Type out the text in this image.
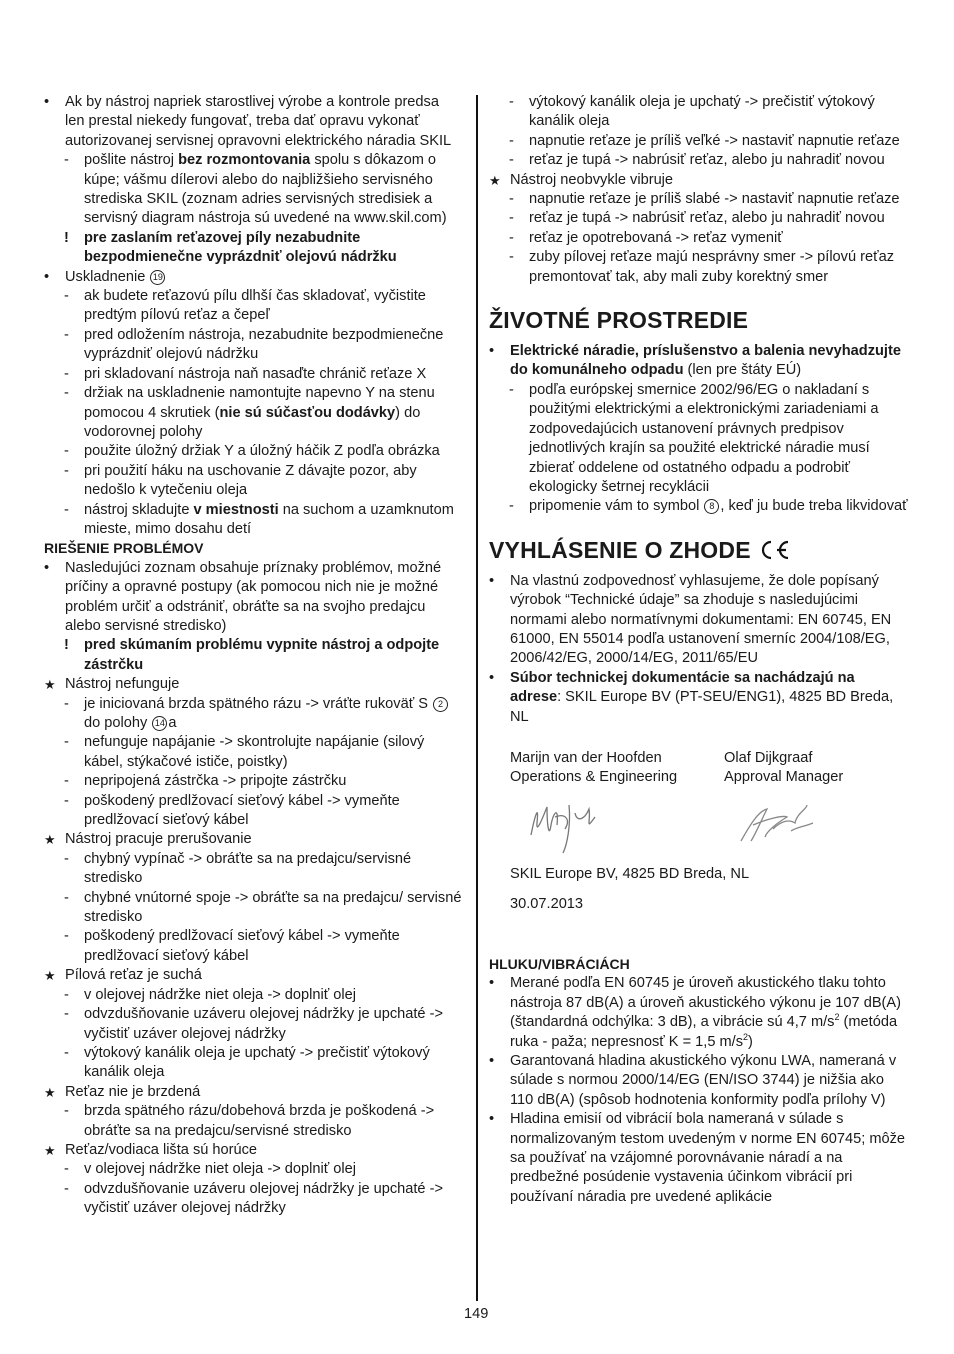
• Ak by nástroj napriek starostlivej výrobe a kontrole predsa len prestal niekedy fungovať, treba dať opravu vykonať autorizovanej servisnej opravovni elektrického náradia SKIL
- pošlite nástroj bez rozmontovania spolu s dôkazom o kúpe; vášmu dílerovi alebo do najbližšieho servisného strediska SKIL (zoznam adries servisných stredisiek a servisný diagram nástroja sú uvedené na www.skil.com)
! pre zaslaním reťazovej píly nezabudnite bezpodmienečne vyprázdniť olejovú nádržku
• Uskladnenie 19
- ak budete reťazovú pílu dlhší čas skladovať, vyčistite predtým pílovú reťaz a čepeľ
- pred odložením nástroja, nezabudnite bezpodmienečne vyprázdniť olejovú nádržku
- pri skladovaní nástroja naň nasaďte chránič reťaze X
- držiak na uskladnenie namontujte napevno Y na stenu pomocou 4 skrutiek (nie sú súčasťou dodávky) do vodorovnej polohy
- použite úložný držiak Y a úložný háčik Z podľa obrázka
- pri použití háku na uschovanie Z dávajte pozor, aby nedošlo k vytečeniu oleja
- nástroj skladujte v miestnosti na suchom a uzamknutom mieste, mimo dosahu detí
RIEŠENIE PROBLÉMOV
• Nasledujúci zoznam obsahuje príznaky problémov, možné príčiny a opravné postupy (ak pomocou nich nie je možné problém určiť a odstrániť, obráťte sa na svojho predajcu alebo servisné stredisko)
! pred skúmaním problému vypnite nástroj a odpojte zástrčku
★ Nástroj nefunguje
- je iniciovaná brzda spätného rázu -> vráťte rukoväť S 2 do polohy 14 a
- nefunguje napájanie -> skontrolujte napájanie (silový kábel, stýkačové ističe, poistky)
- nepripojená zástrčka -> pripojte zástrčku
- poškodený predlžovací sieťový kábel -> vymeňte predlžovací sieťový kábel
★ Nástroj pracuje prerušovanie
- chybný vypínač -> obráťte sa na predajcu/servisné stredisko
- chybné vnútorné spoje -> obráťte sa na predajcu/ servisné stredisko
- poškodený predlžovací sieťový kábel -> vymeňte predlžovací sieťový kábel
★ Pílová reťaz je suchá
- v olejovej nádržke niet oleja -> doplniť olej
- odvzdušňovanie uzáveru olejovej nádržky je upchaté -> vyčistiť uzáver olejovej nádržky
- výtokový kanálik oleja je upchatý -> prečistiť výtokový kanálik oleja
★ Reťaz nie je brzdená
- brzda spätného rázu/dobehová brzda je poškodená -> obráťte sa na predajcu/servisné stredisko
★ Reťaz/vodiaca lišta sú horúce
- v olejovej nádržke niet oleja -> doplniť olej
- odvzdušňovanie uzáveru olejovej nádržky je upchaté -> vyčistiť uzáver olejovej nádržky
- výtokový kanálik oleja je upchatý -> prečistiť výtokový kanálik oleja
- napnutie reťaze je príliš veľké -> nastaviť napnutie reťaze
- reťaz je tupá -> nabrúsiť reťaz, alebo ju nahradiť novou
★ Nástroj neobvykle vibruje
- napnutie reťaze je príliš slabé -> nastaviť napnutie reťaze
- reťaz je tupá -> nabrúsiť reťaz, alebo ju nahradiť novou
- reťaz je opotrebovaná -> reťaz vymeniť
- zuby pílovej reťaze majú nesprávny smer -> pílovú reťaz premontovať tak, aby mali zuby korektný smer
ŽIVOTNÉ PROSTREDIE
• Elektrické náradie, príslušenstvo a balenia nevyhadzujte do komunálneho odpadu (len pre štáty EÚ)
- podľa európskej smernice 2002/96/EG o nakladaní s použitými elektrickými a elektronickými zariadeniami a zodpovedajúcich ustanovení právnych predpisov jednotlivých krajín sa použité elektrické náradie musí zbierať oddelene od ostatného odpadu a podrobiť ekologicky šetrnej recyklácii
- pripomenie vám to symbol 8 , keď ju bude treba likvidovať
VYHLÁSENIE O ZHODE
• Na vlastnú zodpovednosť vyhlasujeme, že dole popísaný výrobok “Technické údaje” sa zhoduje s nasledujúcimi normami alebo normatívnymi dokumentami: EN 60745, EN 61000, EN 55014 podľa ustanovení smerníc 2004/108/EG, 2006/42/EG, 2000/14/EG, 2011/65/EU
• Súbor technickej dokumentácie sa nachádzajú na adrese: SKIL Europe BV (PT-SEU/ENG1), 4825 BD Breda, NL
Marijn van der Hoofden
Operations & Engineering
Olaf Dijkgraaf
Approval Manager
SKIL Europe BV, 4825 BD Breda, NL
30.07.2013
HLUKU/VIBRÁCIÁCH
• Merané podľa EN 60745 je úroveň akustického tlaku tohto nástroja 87 dB(A) a úroveň akustického výkonu je 107 dB(A) (štandardná odchýlka: 3 dB), a vibrácie sú 4,7 $m/s^2$ (metóda ruka - paža; nepresnosť K = 1,5 $m/s^2$)
• Garantovaná hladina akustického výkonu LWA, nameraná v súlade s normou 2000/14/EG (EN/ISO 3744) je nižšia ako 110 dB(A) (spôsob hodnotenia konformity podľa prílohy V)
• Hladina emisií od vibrácií bola nameraná v súlade s normalizovaným testom uvedeným v norme EN 60745; môže sa používať na vzájomné porovnávanie náradí a na predbežné posúdenie vystavenia účinkom vibrácií pri používaní náradia pre uvedené aplikácie
149
